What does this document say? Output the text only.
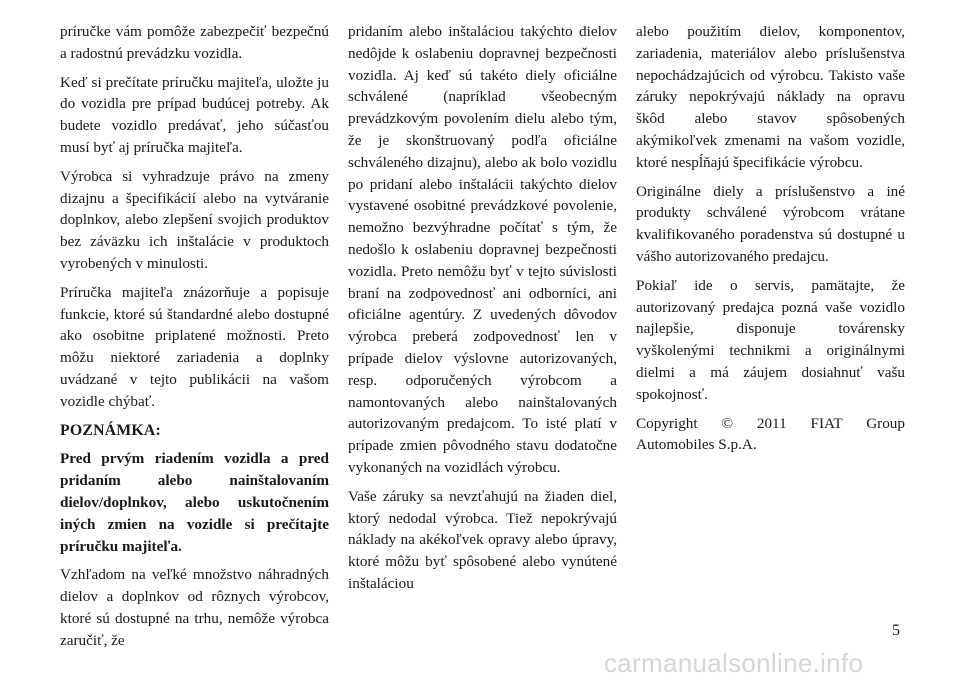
príručke vám pomôže zabezpečiť bezpečnú a radostnú prevádzku vozidla.

Keď si prečítate príručku majiteľa, uložte ju do vozidla pre prípad budúcej potreby. Ak budete vozidlo predávať, jeho súčasťou musí byť aj príručka majiteľa.

Výrobca si vyhradzuje právo na zmeny dizajnu a špecifikácií alebo na vytváranie doplnkov, alebo zlepšení svojich produktov bez záväzku ich inštalácie v produktoch vyrobených v minulosti.

Príručka majiteľa znázorňuje a popisuje funkcie, ktoré sú štandardné alebo dostupné ako osobitne priplatené možnosti. Preto môžu niektoré zariadenia a doplnky uvádzané v tejto publikácii na vašom vozidle chýbať.

POZNÁMKA:

Pred prvým riadením vozidla a pred pridaním alebo nainštalovaním dielov/doplnkov, alebo uskutočnením iných zmien na vozidle si prečítajte príručku majiteľa.

Vzhľadom na veľké množstvo náhradných dielov a doplnkov od rôznych výrobcov, ktoré sú dostupné na trhu, nemôže výrobca zaručiť, že

pridaním alebo inštaláciou takýchto dielov nedôjde k oslabeniu dopravnej bezpečnosti vozidla. Aj keď sú takéto diely oficiálne schválené (napríklad všeobecným prevádzkovým povolením dielu alebo tým, že je skonštruovaný podľa oficiálne schváleného dizajnu), alebo ak bolo vozidlu po pridaní alebo inštalácii takýchto dielov vystavené osobitné prevádzkové povolenie, nemožno bezvýhradne počítať s tým, že nedošlo k oslabeniu dopravnej bezpečnosti vozidla. Preto nemôžu byť v tejto súvislosti braní na zodpovednosť ani odborníci, ani oficiálne agentúry. Z uvedených dôvodov výrobca preberá zodpovednosť len v prípade dielov výslovne autorizovaných, resp. odporučených výrobcom a namontovaných alebo nainštalovaných autorizovaným predajcom. To isté platí v prípade zmien pôvodného stavu dodatočne vykonaných na vozidlách výrobcu.

Vaše záruky sa nevzťahujú na žiaden diel, ktorý nedodal výrobca. Tiež nepokrývajú náklady na akékoľvek opravy alebo úpravy, ktoré môžu byť spôsobené alebo vynútené inštaláciou

alebo použitím dielov, komponentov, zariadenia, materiálov alebo príslušenstva nepochádzajúcich od výrobcu. Takisto vaše záruky nepokrývajú náklady na opravu škôd alebo stavov spôsobených akýmikoľvek zmenami na vašom vozidle, ktoré nespĺňajú špecifikácie výrobcu.

Originálne diely a príslušenstvo a iné produkty schválené výrobcom vrátane kvalifikovaného poradenstva sú dostupné u vášho autorizovaného predajcu.

Pokiaľ ide o servis, pamätajte, že autorizovaný predajca pozná vaše vozidlo najlepšie, disponuje továrensky vyškolenými technikmi a originálnymi dielmi a má záujem dosiahnuť vašu spokojnosť.

Copyright © 2011 FIAT Group Automobiles S.p.A.

5
carmanualsonline.info
